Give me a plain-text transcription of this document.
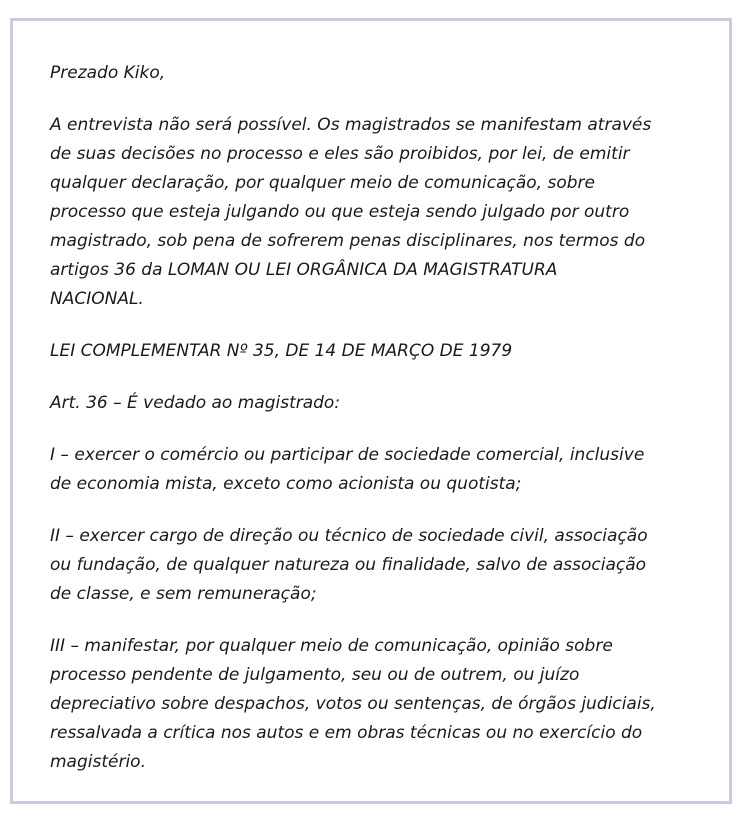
Prezado Kiko,

A entrevista não será possível. Os magistrados se manifestam através
de suas decisões no processo e eles são proibidos, por lei, de emitir
qualquer declaração, por qualquer meio de comunicação, sobre
processo que esteja julgando ou que esteja sendo julgado por outro
magistrado, sob pena de sofrerem penas disciplinares, nos termos do
artigos 36 da LOMAN OU LEI ORGÂNICA DA MAGISTRATURA
NACIONAL.

LEI COMPLEMENTAR Nº 35, DE 14 DE MARÇO DE 1979

Art. 36 – É vedado ao magistrado:

I – exercer o comércio ou participar de sociedade comercial, inclusive
de economia mista, exceto como acionista ou quotista;

II – exercer cargo de direção ou técnico de sociedade civil, associação
ou fundação, de qualquer natureza ou finalidade, salvo de associação
de classe, e sem remuneração;

III – manifestar, por qualquer meio de comunicação, opinião sobre
processo pendente de julgamento, seu ou de outrem, ou juízo
depreciativo sobre despachos, votos ou sentenças, de órgãos judiciais,
ressalvada a crítica nos autos e em obras técnicas ou no exercício do
magistério.
